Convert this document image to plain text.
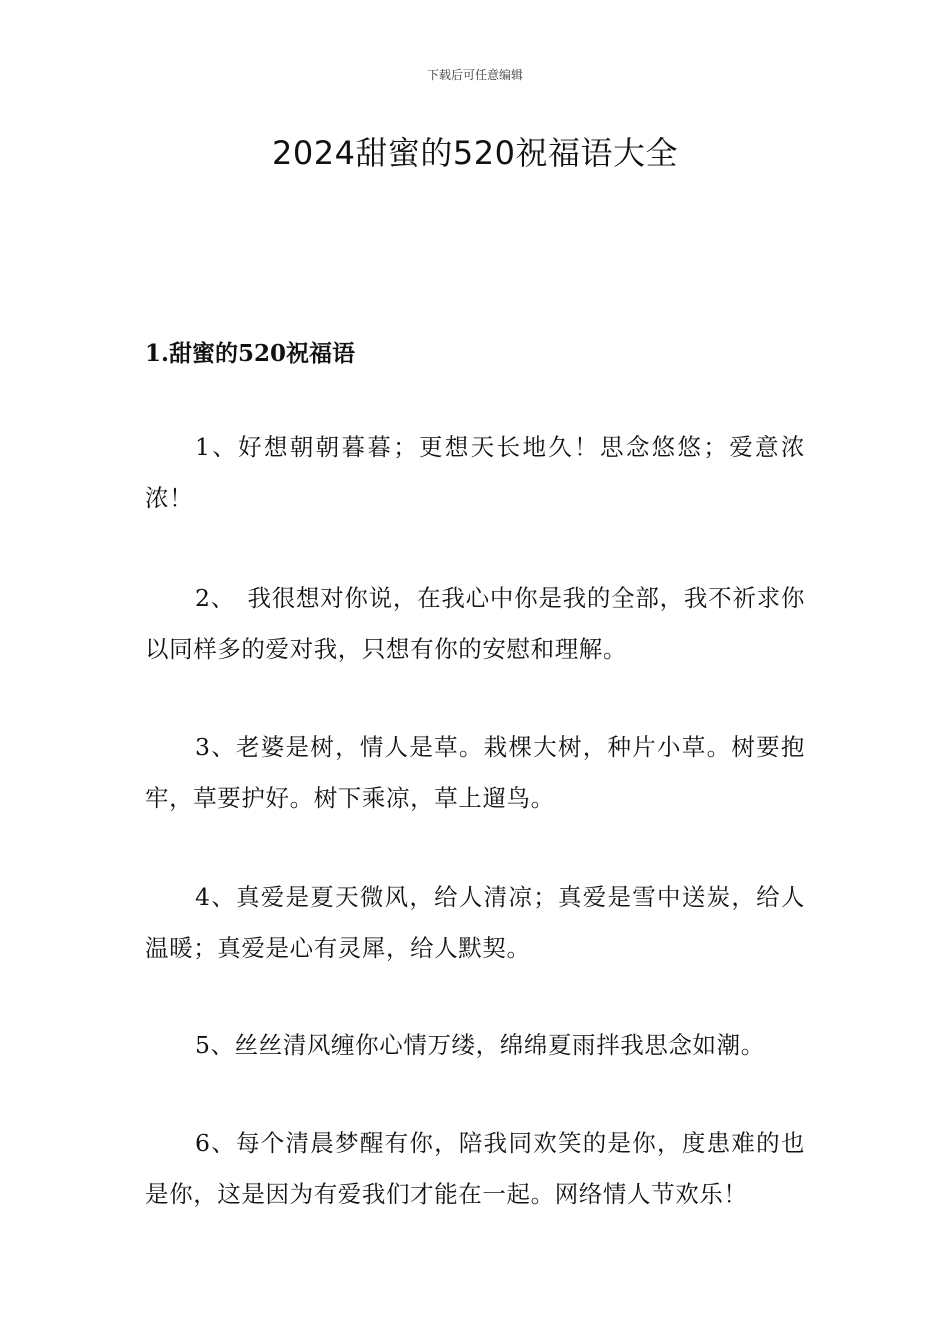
下载后可任意编辑
2024甜蜜的520祝福语大全
1.甜蜜的520祝福语

1、好想朝朝暮暮；更想天长地久！思念悠悠；爱意浓浓！

2、　我很想对你说，在我心中你是我的全部，我不祈求你以同样多的爱对我，只想有你的安慰和理解。

3、老婆是树，情人是草。栽棵大树，种片小草。树要抱牢，草要护好。树下乘凉，草上遛鸟。

4、真爱是夏天微风，给人清凉；真爱是雪中送炭，给人温暖；真爱是心有灵犀，给人默契。

5、丝丝清风缠你心情万缕，绵绵夏雨拌我思念如潮。

6、每个清晨梦醒有你，陪我同欢笑的是你，度患难的也是你，这是因为有爱我们才能在一起。网络情人节欢乐！
